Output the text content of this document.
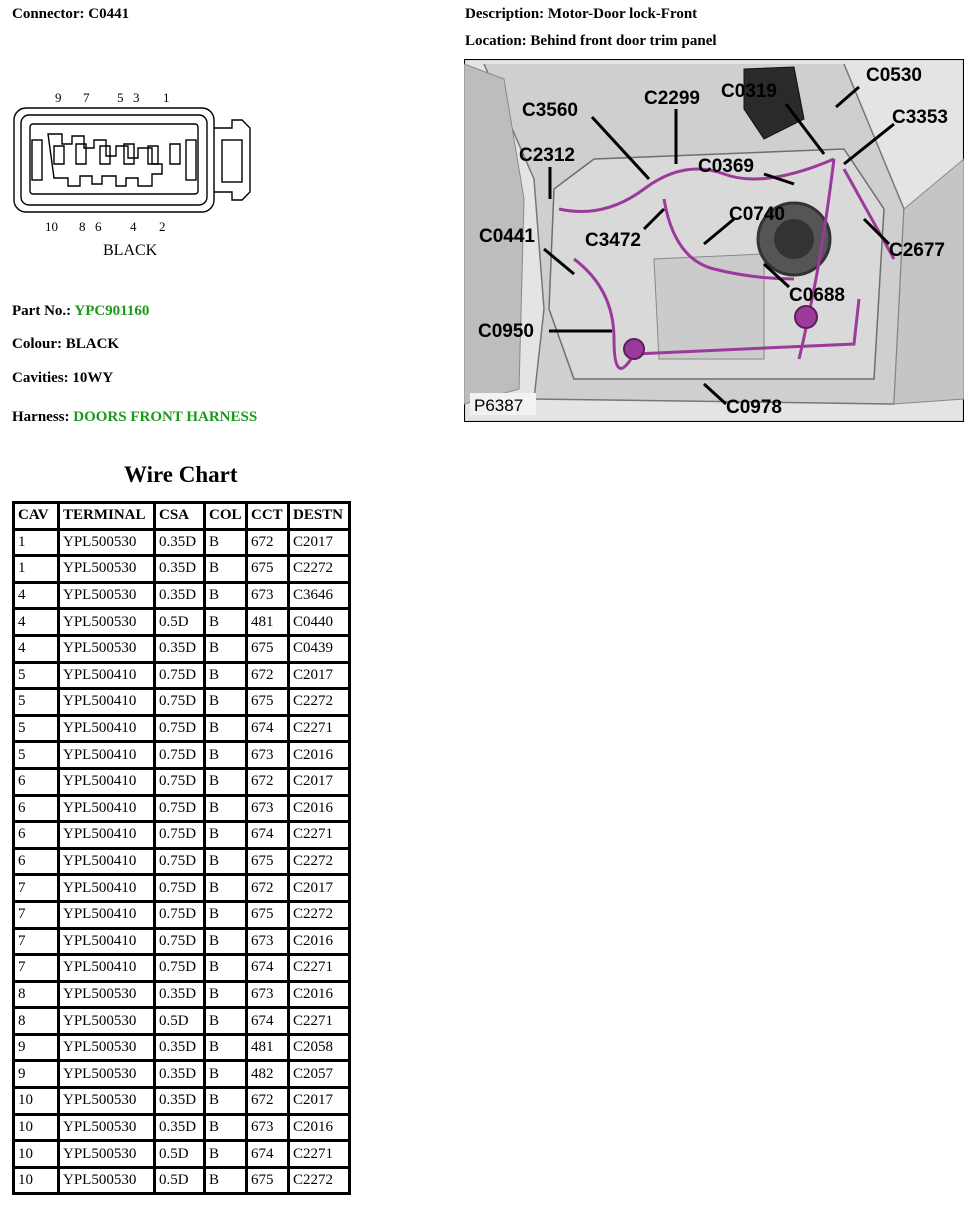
Connector: C0441	Description: Motor-Door lock-Front
Location: Behind front door trim panel
9 7 5 3 1
10 8 6 4 2
BLACK
Part No.: YPC901160
Colour: BLACK
Cavities: 10WY
Harness: DOORS FRONT HARNESS
C0530
C2299 C0319
C3560	C3353
C2312
C0369
C0740
C0441	C3472	C2677
C0688
C0950
C0978
P6387
Wire Chart
CAV	TERMINAL	CSA	COL	CCT	DESTN
1	YPL500530	0.35D	B	672	C2017
1	YPL500530	0.35D	B	675	C2272
4	YPL500530	0.35D	B	673	C3646
4	YPL500530	0.5D	B	481	C0440
4	YPL500530	0.35D	B	675	C0439
5	YPL500410	0.75D	B	672	C2017
5	YPL500410	0.75D	B	675	C2272
5	YPL500410	0.75D	B	674	C2271
5	YPL500410	0.75D	B	673	C2016
6	YPL500410	0.75D	B	672	C2017
6	YPL500410	0.75D	B	673	C2016
6	YPL500410	0.75D	B	674	C2271
6	YPL500410	0.75D	B	675	C2272
7	YPL500410	0.75D	B	672	C2017
7	YPL500410	0.75D	B	675	C2272
7	YPL500410	0.75D	B	673	C2016
7	YPL500410	0.75D	B	674	C2271
8	YPL500530	0.35D	B	673	C2016
8	YPL500530	0.5D	B	674	C2271
9	YPL500530	0.35D	B	481	C2058
9	YPL500530	0.35D	B	482	C2057
10	YPL500530	0.35D	B	672	C2017
10	YPL500530	0.35D	B	673	C2016
10	YPL500530	0.5D	B	674	C2271
10	YPL500530	0.5D	B	675	C2272
